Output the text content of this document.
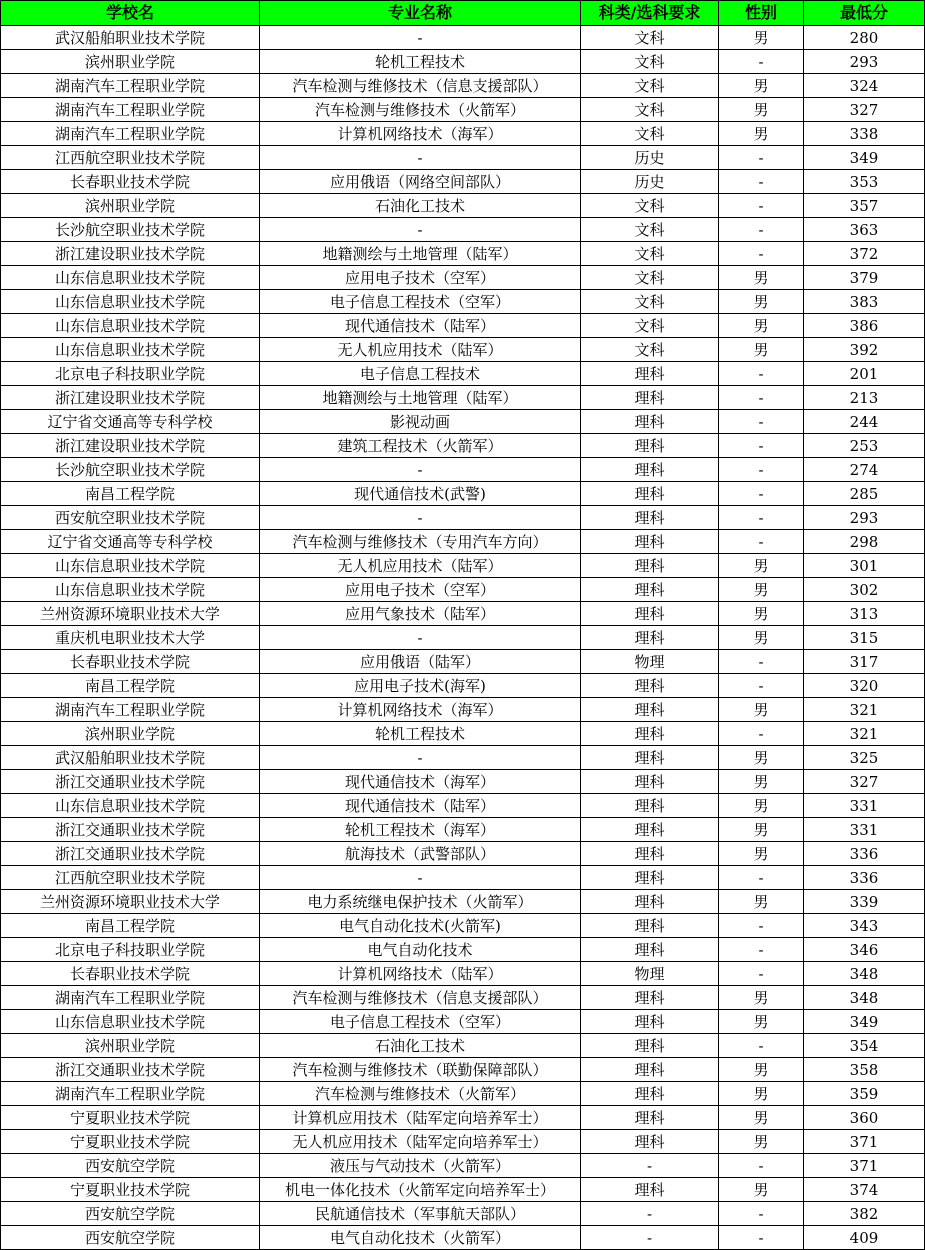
学校名	专业名称	科类/选科要求	性别	最低分
武汉船舶职业技术学院	-	文科	男	280
滨州职业学院	轮机工程技术	文科	-	293
湖南汽车工程职业学院	汽车检测与维修技术（信息支援部队）	文科	男	324
湖南汽车工程职业学院	汽车检测与维修技术（火箭军）	文科	男	327
湖南汽车工程职业学院	计算机网络技术（海军）	文科	男	338
江西航空职业技术学院	-	历史	-	349
长春职业技术学院	应用俄语（网络空间部队）	历史	-	353
滨州职业学院	石油化工技术	文科	-	357
长沙航空职业技术学院	-	文科	-	363
浙江建设职业技术学院	地籍测绘与土地管理（陆军）	文科	-	372
山东信息职业技术学院	应用电子技术（空军）	文科	男	379
山东信息职业技术学院	电子信息工程技术（空军）	文科	男	383
山东信息职业技术学院	现代通信技术（陆军）	文科	男	386
山东信息职业技术学院	无人机应用技术（陆军）	文科	男	392
北京电子科技职业学院	电子信息工程技术	理科	-	201
浙江建设职业技术学院	地籍测绘与土地管理（陆军）	理科	-	213
辽宁省交通高等专科学校	影视动画	理科	-	244
浙江建设职业技术学院	建筑工程技术（火箭军）	理科	-	253
长沙航空职业技术学院	-	理科	-	274
南昌工程学院	现代通信技术(武警)	理科	-	285
西安航空职业技术学院	-	理科	-	293
辽宁省交通高等专科学校	汽车检测与维修技术（专用汽车方向）	理科	-	298
山东信息职业技术学院	无人机应用技术（陆军）	理科	男	301
山东信息职业技术学院	应用电子技术（空军）	理科	男	302
兰州资源环境职业技术大学	应用气象技术（陆军）	理科	男	313
重庆机电职业技术大学	-	理科	男	315
长春职业技术学院	应用俄语（陆军）	物理	-	317
南昌工程学院	应用电子技术(海军)	理科	-	320
湖南汽车工程职业学院	计算机网络技术（海军）	理科	男	321
滨州职业学院	轮机工程技术	理科	-	321
武汉船舶职业技术学院	-	理科	男	325
浙江交通职业技术学院	现代通信技术（海军）	理科	男	327
山东信息职业技术学院	现代通信技术（陆军）	理科	男	331
浙江交通职业技术学院	轮机工程技术（海军）	理科	男	331
浙江交通职业技术学院	航海技术（武警部队）	理科	男	336
江西航空职业技术学院	-	理科	-	336
兰州资源环境职业技术大学	电力系统继电保护技术（火箭军）	理科	男	339
南昌工程学院	电气自动化技术(火箭军)	理科	-	343
北京电子科技职业学院	电气自动化技术	理科	-	346
长春职业技术学院	计算机网络技术（陆军）	物理	-	348
湖南汽车工程职业学院	汽车检测与维修技术（信息支援部队）	理科	男	348
山东信息职业技术学院	电子信息工程技术（空军）	理科	男	349
滨州职业学院	石油化工技术	理科	-	354
浙江交通职业技术学院	汽车检测与维修技术（联勤保障部队）	理科	男	358
湖南汽车工程职业学院	汽车检测与维修技术（火箭军）	理科	男	359
宁夏职业技术学院	计算机应用技术（陆军定向培养军士）	理科	男	360
宁夏职业技术学院	无人机应用技术（陆军定向培养军士）	理科	男	371
西安航空学院	液压与气动技术（火箭军）	-	-	371
宁夏职业技术学院	机电一体化技术（火箭军定向培养军士）	理科	男	374
西安航空学院	民航通信技术（军事航天部队）	-	-	382
西安航空学院	电气自动化技术（火箭军）	-	-	409
